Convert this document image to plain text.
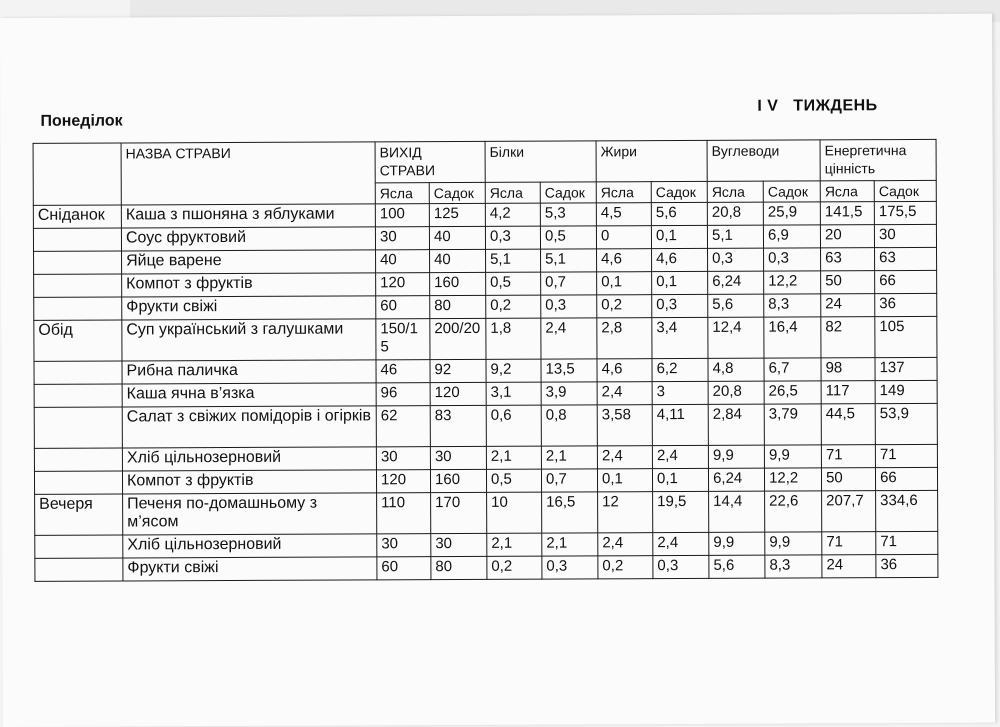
Понеділок
I V   ТИЖДЕНЬ
	НАЗВА СТРАВИ	ВИХІД СТРАВИ		Білки		Жири		Вуглеводи		Енергетична цінність	
		Ясла	Садок	Ясла	Садок	Ясла	Садок	Ясла	Садок	Ясла	Садок
Сніданок	Каша з пшоняна з яблуками	100	125	4,2	5,3	4,5	5,6	20,8	25,9	141,5	175,5
	Соус фруктовий	30	40	0,3	0,5	0	0,1	5,1	6,9	20	30
	Яйце варене	40	40	5,1	5,1	4,6	4,6	0,3	0,3	63	63
	Компот з фруктів	120	160	0,5	0,7	0,1	0,1	6,24	12,2	50	66
	Фрукти свіжі	60	80	0,2	0,3	0,2	0,3	5,6	8,3	24	36
Обід	Суп український з галушками	150/15	200/20	1,8	2,4	2,8	3,4	12,4	16,4	82	105
	Рибна паличка	46	92	9,2	13,5	4,6	6,2	4,8	6,7	98	137
	Каша ячна в’язка	96	120	3,1	3,9	2,4	3	20,8	26,5	117	149
	Салат з свіжих помідорів і огірків	62	83	0,6	0,8	3,58	4,11	2,84	3,79	44,5	53,9
	Хліб цільнозерновий	30	30	2,1	2,1	2,4	2,4	9,9	9,9	71	71
	Компот з фруктів	120	160	0,5	0,7	0,1	0,1	6,24	12,2	50	66
Вечеря	Печеня по-домашньому з м’ясом	110	170	10	16,5	12	19,5	14,4	22,6	207,7	334,6
	Хліб цільнозерновий	30	30	2,1	2,1	2,4	2,4	9,9	9,9	71	71
	Фрукти свіжі	60	80	0,2	0,3	0,2	0,3	5,6	8,3	24	36
